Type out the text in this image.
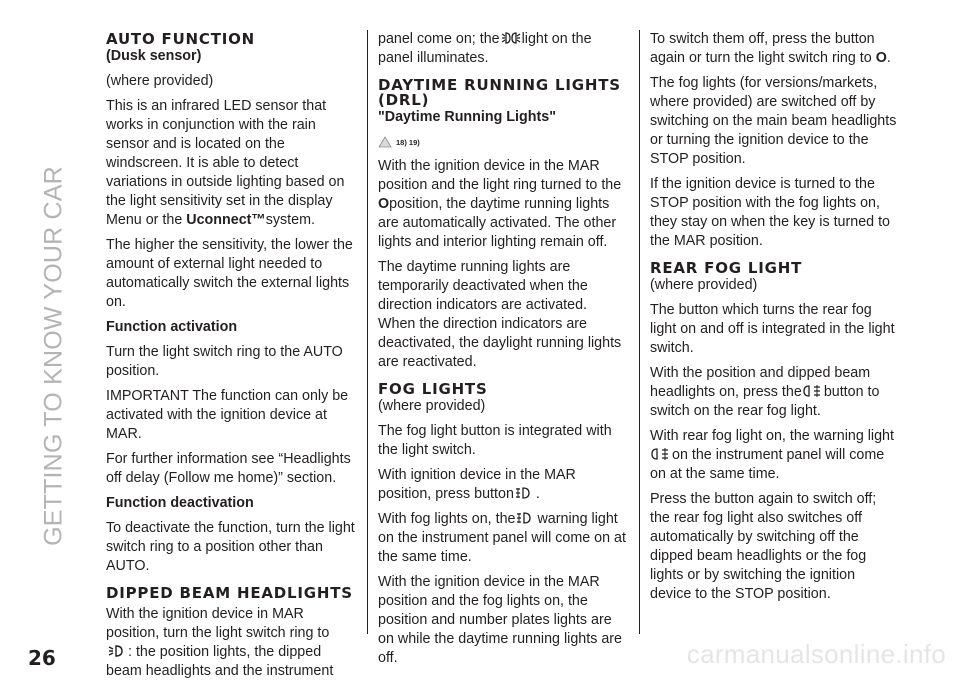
GETTING TO KNOW YOUR CAR
AUTO FUNCTION

(Dusk sensor)

(where provided)

This is an infrared LED sensor that works in conjunction with the rain sensor and is located on the windscreen. It is able to detect variations in outside lighting based on the light sensitivity set in the display Menu or the Uconnect™system.

The higher the sensitivity, the lower the amount of external light needed to automatically switch the external lights on.

Function activation

Turn the light switch ring to the AUTO position.

IMPORTANT The function can only be activated with the ignition device at MAR.

For further information see “Headlights off delay (Follow me home)” section.

Function deactivation

To deactivate the function, turn the light switch ring to a position other than AUTO.

DIPPED BEAM HEADLIGHTS

With the ignition device in MAR position, turn the light switch ring to

: the position lights, the dipped beam headlights and the instrument

panel come on; the light on the panel illuminates.

DAYTIME RUNNING LIGHTS (DRL)

"Daytime Running Lights"

18) 19)

With the ignition device in the MAR position and the light ring turned to the Oposition, the daytime running lights are automatically activated. The other lights and interior lighting remain off.

The daytime running lights are temporarily deactivated when the direction indicators are activated. When the direction indicators are deactivated, the daylight running lights are reactivated.

FOG LIGHTS

(where provided)

The fog light button is integrated with the light switch.

With ignition device in the MAR position, press button .

With fog lights on, the warning light on the instrument panel will come on at the same time.

With the ignition device in the MAR position and the fog lights on, the position and number plates lights are on while the daytime running lights are off.

To switch them off, press the button again or turn the light switch ring to O.

The fog lights (for versions/markets, where provided) are switched off by switching on the main beam headlights or turning the ignition device to the STOP position.

If the ignition device is turned to the STOP position with the fog lights on, they stay on when the key is turned to the MAR position.

REAR FOG LIGHT

(where provided)

The button which turns the rear fog light on and off is integrated in the light switch.

With the position and dipped beam headlights on, press the button to switch on the rear fog light.

With rear fog light on, the warning light

on the instrument panel will come on at the same time.

Press the button again to switch off; the rear fog light also switches off automatically by switching off the dipped beam headlights or the fog lights or by switching the ignition device to the STOP position.

26	carmanualsonline.info
